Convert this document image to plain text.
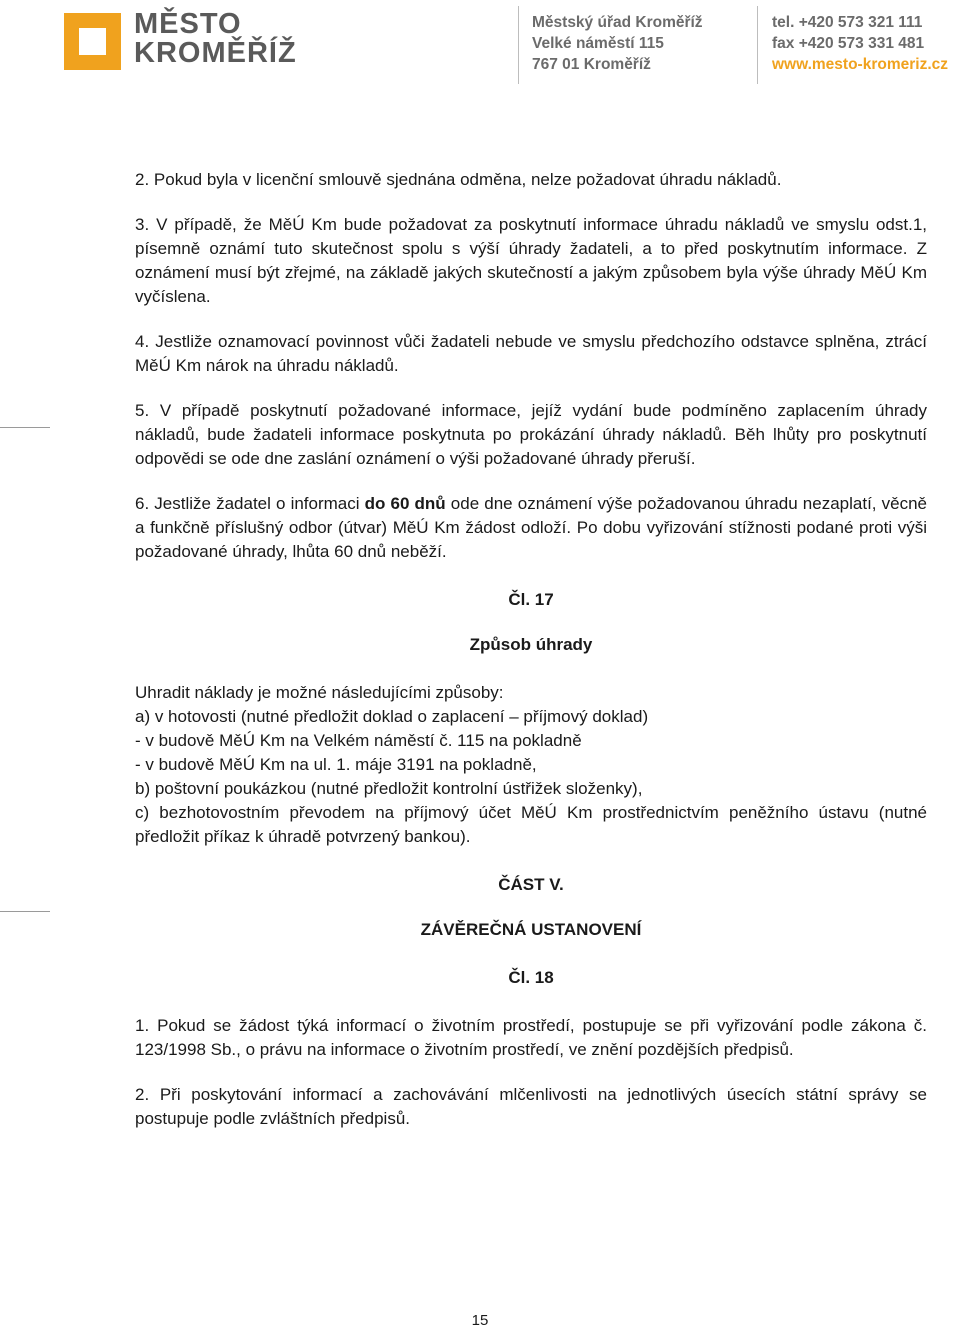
MĚSTO
KROMĚŘÍŽ
Městský úřad Kroměříž
Velké náměstí 115
767 01 Kroměříž
tel. +420 573 321 111
fax +420 573 331 481
www.mesto-kromeriz.cz

2. Pokud byla v licenční smlouvě sjednána odměna, nelze požadovat úhradu nákladů.

3. V případě, že MěÚ Km bude požadovat za poskytnutí informace úhradu nákladů ve smyslu odst.1, písemně oznámí tuto skutečnost spolu s výší úhrady žadateli, a to před poskytnutím informace. Z oznámení musí být zřejmé, na základě jakých skutečností a jakým způsobem byla výše úhrady MěÚ Km vyčíslena.

4. Jestliže oznamovací povinnost vůči žadateli nebude ve smyslu předchozího odstavce splněna, ztrácí MěÚ Km nárok na úhradu nákladů.

5. V případě poskytnutí požadované informace, jejíž vydání bude podmíněno zaplacením úhrady nákladů, bude žadateli informace poskytnuta po prokázání úhrady nákladů. Běh lhůty pro poskytnutí odpovědi se ode dne zaslání oznámení o výši požadované úhrady přeruší.

6. Jestliže žadatel o informaci do 60 dnů ode dne oznámení výše požadovanou úhradu nezaplatí, věcně a funkčně příslušný odbor (útvar) MěÚ Km žádost odloží. Po dobu vyřizování stížnosti podané proti výši požadované úhrady, lhůta 60 dnů neběží.

Čl. 17

Způsob úhrady

Uhradit náklady je možné následujícími způsoby:
a) v hotovosti (nutné předložit doklad o zaplacení – příjmový doklad)
- v budově MěÚ Km na Velkém náměstí č. 115 na pokladně
- v budově MěÚ Km na ul. 1. máje 3191 na pokladně,
b) poštovní poukázkou (nutné předložit kontrolní ústřižek složenky),
c) bezhotovostním převodem na příjmový účet MěÚ Km prostřednictvím peněžního ústavu (nutné předložit příkaz k úhradě potvrzený bankou).

ČÁST V.

ZÁVĚREČNÁ USTANOVENÍ

Čl. 18

1. Pokud se žádost týká informací o životním prostředí, postupuje se při vyřizování podle zákona č. 123/1998 Sb., o právu na informace o životním prostředí, ve znění pozdějších předpisů.

2. Při poskytování informací a zachovávání mlčenlivosti na jednotlivých úsecích státní správy se postupuje podle zvláštních předpisů.

15
